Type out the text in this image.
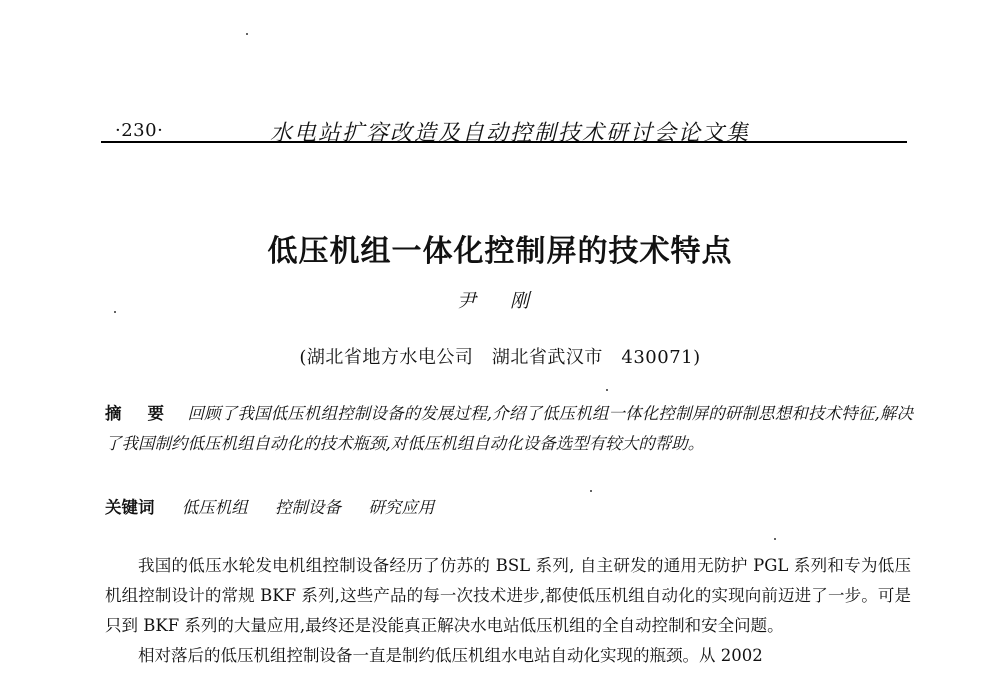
·230·	水电站扩容改造及自动控制技术研讨会论文集
低压机组一体化控制屏的技术特点
尹 刚
(湖北省地方水电公司　湖北省武汉市　430071)
摘 要 回顾了我国低压机组控制设备的发展过程,介绍了低压机组一体化控制屏的研制思想和技术特征,解决了我国制约低压机组自动化的技术瓶颈,对低压机组自动化设备选型有较大的帮助。
关键词 低压机组 控制设备 研究应用

我国的低压水轮发电机组控制设备经历了仿苏的 BSL 系列, 自主研发的通用无防护 PGL 系列和专为低压机组控制设计的常规 BKF 系列,这些产品的每一次技术进步,都使低压机组自动化的实现向前迈进了一步。可是只到 BKF 系列的大量应用,最终还是没能真正解决水电站低压机组的全自动控制和安全问题。

相对落后的低压机组控制设备一直是制约低压机组水电站自动化实现的瓶颈。从 2002
